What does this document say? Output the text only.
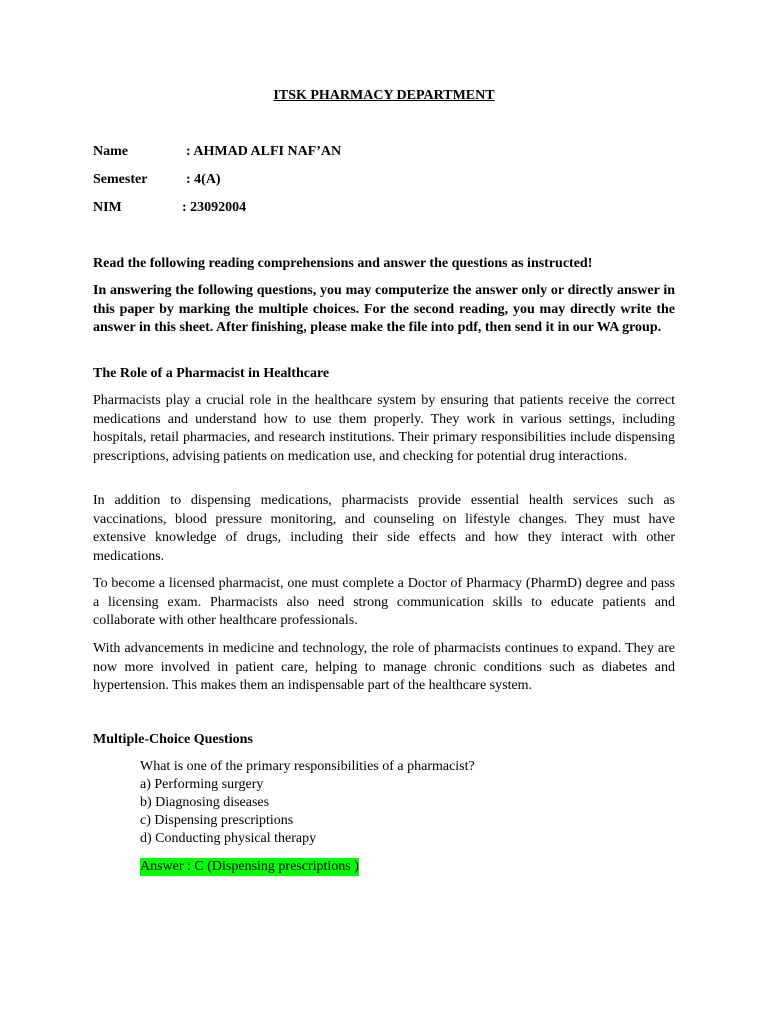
ITSK PHARMACY DEPARTMENT
Name	: AHMAD ALFI NAF’AN
Semester	: 4(A)
NIM	: 23092004

Read the following reading comprehensions and answer the questions as instructed!

In answering the following questions, you may computerize the answer only or directly answer in this paper by marking the multiple choices. For the second reading, you may directly write the answer in this sheet. After finishing, please make the file into pdf, then send it in our WA group.

The Role of a Pharmacist in Healthcare

Pharmacists play a crucial role in the healthcare system by ensuring that patients receive the correct medications and understand how to use them properly. They work in various settings, including hospitals, retail pharmacies, and research institutions. Their primary responsibilities include dispensing prescriptions, advising patients on medication use, and checking for potential drug interactions.

In addition to dispensing medications, pharmacists provide essential health services such as vaccinations, blood pressure monitoring, and counseling on lifestyle changes. They must have extensive knowledge of drugs, including their side effects and how they interact with other medications.

To become a licensed pharmacist, one must complete a Doctor of Pharmacy (PharmD) degree and pass a licensing exam. Pharmacists also need strong communication skills to educate patients and collaborate with other healthcare professionals.

With advancements in medicine and technology, the role of pharmacists continues to expand. They are now more involved in patient care, helping to manage chronic conditions such as diabetes and hypertension. This makes them an indispensable part of the healthcare system.

Multiple-Choice Questions
What is one of the primary responsibilities of a pharmacist?
a) Performing surgery
b) Diagnosing diseases
c) Dispensing prescriptions
d) Conducting physical therapy
Answer : C (Dispensing prescriptions )
